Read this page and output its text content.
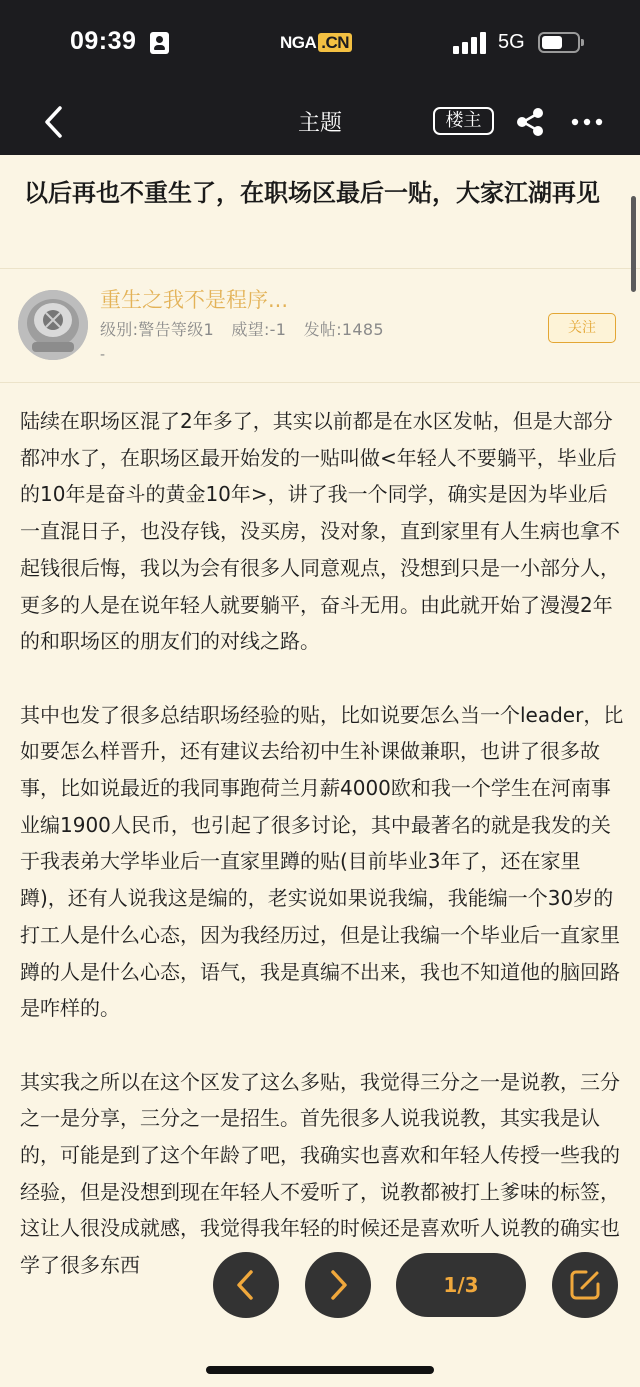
09:39	NGA .CN	5G
主题	楼主
以后再也不重生了，在职场区最后一贴，大家江湖再见
重生之我不是程序...
级别:警告等级1 威望:-1 发帖:1485
-
关注

陆续在职场区混了2年多了，其实以前都是在水区发帖，但是大部分都冲水了，在职场区最开始发的一贴叫做<年轻人不要躺平，毕业后的10年是奋斗的黄金10年>，讲了我一个同学，确实是因为毕业后一直混日子，也没存钱，没买房，没对象，直到家里有人生病也拿不起钱很后悔，我以为会有很多人同意观点，没想到只是一小部分人，更多的人是在说年轻人就要躺平，奋斗无用。由此就开始了漫漫2年的和职场区的朋友们的对线之路。

其中也发了很多总结职场经验的贴，比如说要怎么当一个leader，比如要怎么样晋升，还有建议去给初中生补课做兼职，也讲了很多故事，比如说最近的我同事跑荷兰月薪4000欧和我一个学生在河南事业编1900人民币，也引起了很多讨论，其中最著名的就是我发的关于我表弟大学毕业后一直家里蹲的贴(目前毕业3年了，还在家里蹲)，还有人说我这是编的，老实说如果说我编，我能编一个30岁的打工人是什么心态，因为我经历过，但是让我编一个毕业后一直家里蹲的人是什么心态，语气，我是真编不出来，我也不知道他的脑回路是咋样的。

其实我之所以在这个区发了这么多贴，我觉得三分之一是说教，三分之一是分享，三分之一是招生。首先很多人说我说教，其实我是认的，可能是到了这个年龄了吧，我确实也喜欢和年轻人传授一些我的经验，但是没想到现在年轻人不爱听了，说教都被打上爹味的标签，这让人很没成就感，我觉得我年轻的时候还是喜欢听人说教的确实也学了很多东西

1/3
